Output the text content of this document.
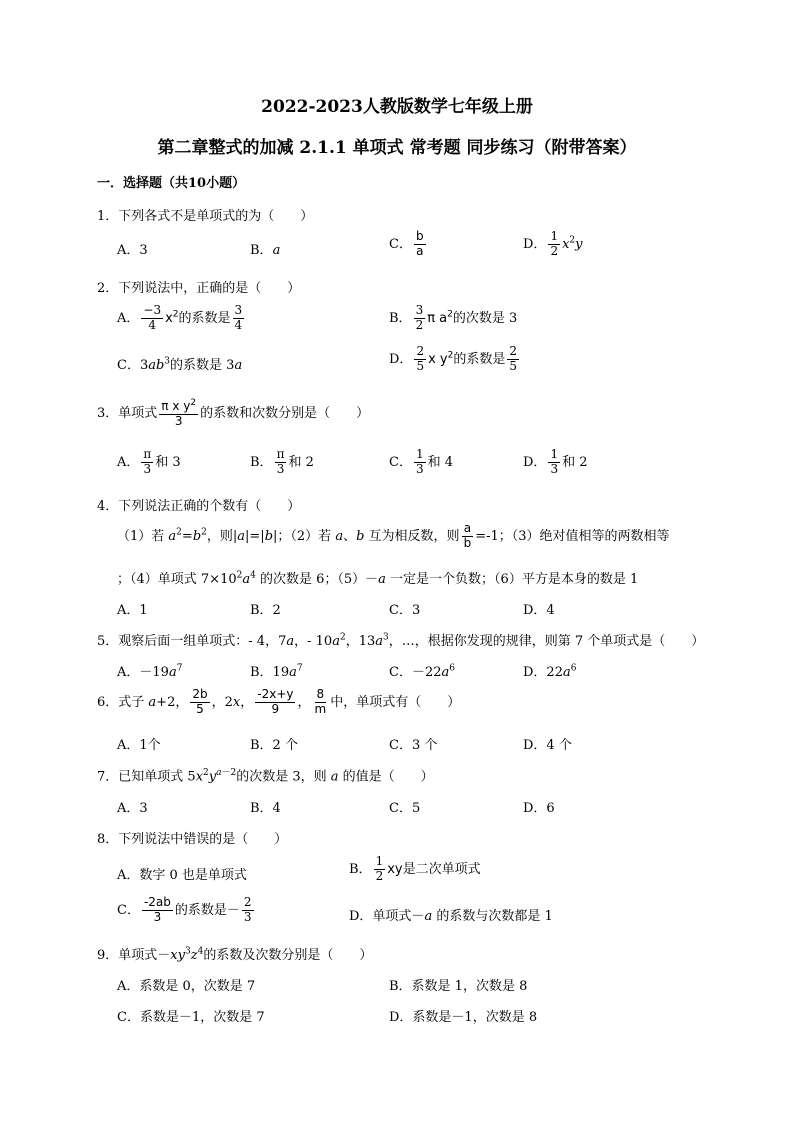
2022-2023人教版数学七年级上册
第二章整式的加减 2.1.1 单项式 常考题 同步练习（附带答案）
一．选择题（共10小题）
1．下列各式不是单项式的为（　　）
A．3	B．a	C． $\frac{b}{a}$	D． $\frac{1}{2} x^2y$
2．下列说法中，正确的是（　　）
A． $\frac{-3}{4} x^2$的系数是 $\frac{3}{4}$	B． $\frac{3}{2}$ π $a^2$的次数是 3
C．$3ab^3$的系数是 3a	D． $\frac{2}{5}$ x $y^2$的系数是 $\frac{2}{5}$
3．单项式 $\frac{\pi x y^2}{3}$ 的系数和次数分别是（　　）
A． $\frac{\pi}{3}$ 和 3	B． $\frac{\pi}{3}$ 和 2	C． $\frac{1}{3}$ 和 4	D． $\frac{1}{3}$ 和 2
4．下列说法正确的个数有（　　）
（1）若 $a^2=b^2$，则|a|=|b|；（2）若 a、b 互为相反数，则 $\frac{a}{b} =-1$；（3）绝对值相等的两数相等
；（4）单项式 $7\times 10^2a^4$ 的次数是 6；（5）－a 一定是一个负数；（6）平方是本身的数是 1
A．1	B．2	C．3	D．4
5．观察后面一组单项式：- 4，7a，- $10a^2$，$13a^3$，…，根据你发现的规律，则第 7 个单项式是（　　）
A．$-19a^7$	B．$19a^7$	C．$-22a^6$	D．$22a^6$
6．式子 a+2， $\frac{2b}{5}$ ，2x， $\frac{-2x+y}{9}$ ， $\frac{8}{m}$ 中，单项式有（　　）
A．1个	B．2 个	C．3 个	D．4 个
7．已知单项式 $5x^2y^{a-2}$的次数是 3，则 a 的值是（　　）
A．3	B．4	C．5	D．6
8．下列说法中错误的是（　　）
A．数字 0 也是单项式	B． $\frac{1}{2}$ xy是二次单项式
C． $\frac{-2ab}{3}$ 的系数是－ $\frac{2}{3}$	D．单项式－a 的系数与次数都是 1
9．单项式$-xy^3z^4$的系数及次数分别是（　　）
A．系数是 0，次数是 7	B．系数是 1，次数是 8
C．系数是－1，次数是 7	D．系数是－1，次数是 8
